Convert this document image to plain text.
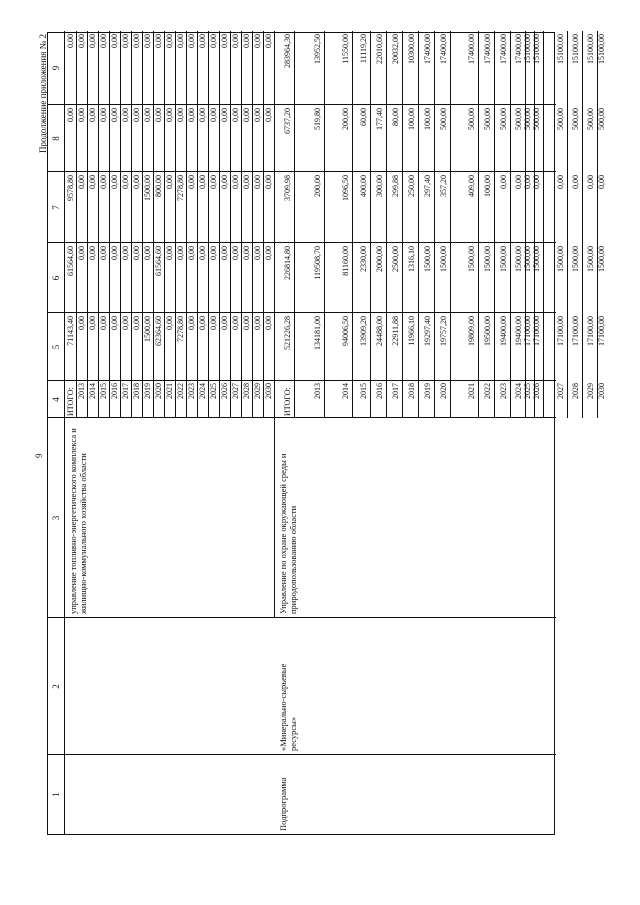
9
Продолжение приложения № 2
1
2
3
4
5
6
7
8
9
управление топливно-энергетического комплекса и жилищно-коммунального хозяйства области
Подпрограмма
«Минерально-сырьевые ресурсы»
Управление по охране окружающей среды и природопользованию области
ИТОГО:
71143,40
61564,60
9578,80
0,00
0,00
2013
0,00
0,00
0,00
0,00
0,00
2014
0,00
0,00
0,00
0,00
0,00
2015
0,00
0,00
0,00
0,00
0,00
2016
0,00
0,00
0,00
0,00
0,00
2017
0,00
0,00
0,00
0,00
0,00
2018
0,00
0,00
0,00
0,00
0,00
2019
1500,00
0,00
1500,00
0,00
0,00
2020
62364,60
61564,60
800,00
0,00
0,00
2021
0,00
0,00
0,00
0,00
0,00
2022
7278,80
0,00
7278,80
0,00
0,00
2023
0,00
0,00
0,00
0,00
0,00
2024
0,00
0,00
0,00
0,00
0,00
2025
0,00
0,00
0,00
0,00
0,00
2026
0,00
0,00
0,00
0,00
0,00
2027
0,00
0,00
0,00
0,00
0,00
2028
0,00
0,00
0,00
0,00
0,00
2029
0,00
0,00
0,00
0,00
0,00
2030
0,00
0,00
0,00
0,00
0,00
ИТОГО:
521226,28
226814,80
3709,98
6737,20
283964,30
2013
134181,00
119508,70
200,00
519,80
13952,50
2014
94006,50
81160,00
1096,50
200,00
11550,00
2015
13909,20
2330,00
400,00
60,00
11119,20
2016
24488,00
2000,00
300,00
177,40
22010,60
2017
22911,88
2500,00
299,88
80,00
20032,00
2018
11966,10
1316,10
250,00
100,00
10300,00
2019
19297,40
1500,00
297,40
100,00
17400,00
2020
19757,20
1500,00
357,20
500,00
17400,00
2021
19809,00
1500,00
409,00
500,00
17400,00
2022
19500,00
1500,00
100,00
500,00
17400,00
2023
19400,00
1500,00
0,00
500,00
17400,00
2024
19400,00
1500,00
0,00
500,00
17400,00
2025
17100,00
1500,00
0,00
500,00
15100,00
2026
17100,00
1500,00
0,00
500,00
15100,00
2027
17100,00
1500,00
0,00
500,00
15100,00
2028
17100,00
1500,00
0,00
500,00
15100,00
2029
17100,00
1500,00
0,00
500,00
15100,00
2030
17100,00
1500,00
0,00
500,00
15100,00
